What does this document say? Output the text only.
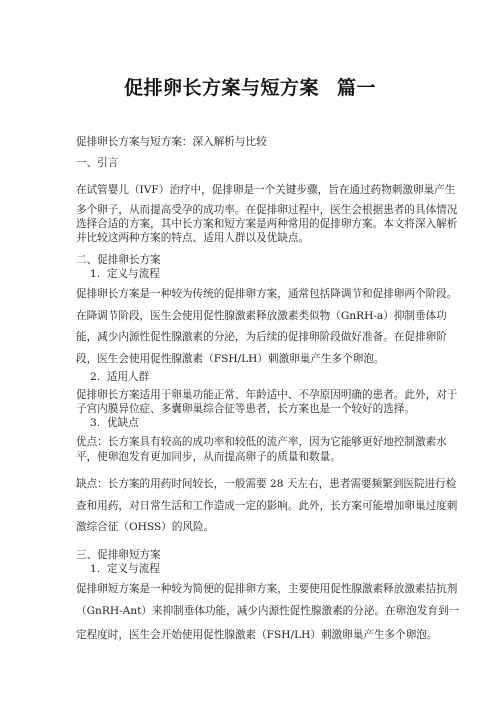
促排卵长方案与短方案 篇一
促排卵长方案与短方案：深入解析与比较
一、引言
在试管婴儿（IVF）治疗中，促排卵是一个关键步骤，旨在通过药物刺激卵巢产生
多个卵子，从而提高受孕的成功率。在促排卵过程中，医生会根据患者的具体情况
选择合适的方案，其中长方案和短方案是两种常用的促排卵方案。本文将深入解析
并比较这两种方案的特点、适用人群以及优缺点。
二、促排卵长方案
1. 定义与流程
促排卵长方案是一种较为传统的促排卵方案，通常包括降调节和促排卵两个阶段。
在降调节阶段，医生会使用促性腺激素释放激素类似物（GnRH-a）抑制垂体功
能，减少内源性促性腺激素的分泌，为后续的促排卵阶段做好准备。在促排卵阶
段，医生会使用促性腺激素（FSH/LH）刺激卵巢产生多个卵泡。
2. 适用人群
促排卵长方案适用于卵巢功能正常、年龄适中、不孕原因明确的患者。此外，对于
子宫内膜异位症、多囊卵巢综合征等患者，长方案也是一个较好的选择。
3. 优缺点
优点：长方案具有较高的成功率和较低的流产率，因为它能够更好地控制激素水
平，使卵泡发育更加同步，从而提高卵子的质量和数量。
缺点：长方案的用药时间较长，一般需要 28 天左右，患者需要频繁到医院进行检
查和用药，对日常生活和工作造成一定的影响。此外，长方案可能增加卵巢过度刺
激综合征（OHSS）的风险。
三、促排卵短方案
1. 定义与流程
促排卵短方案是一种较为简便的促排卵方案，主要使用促性腺激素释放激素拮抗剂
（GnRH-Ant）来抑制垂体功能，减少内源性促性腺激素的分泌。在卵泡发育到一
定程度时，医生会开始使用促性腺激素（FSH/LH）刺激卵巢产生多个卵泡。
